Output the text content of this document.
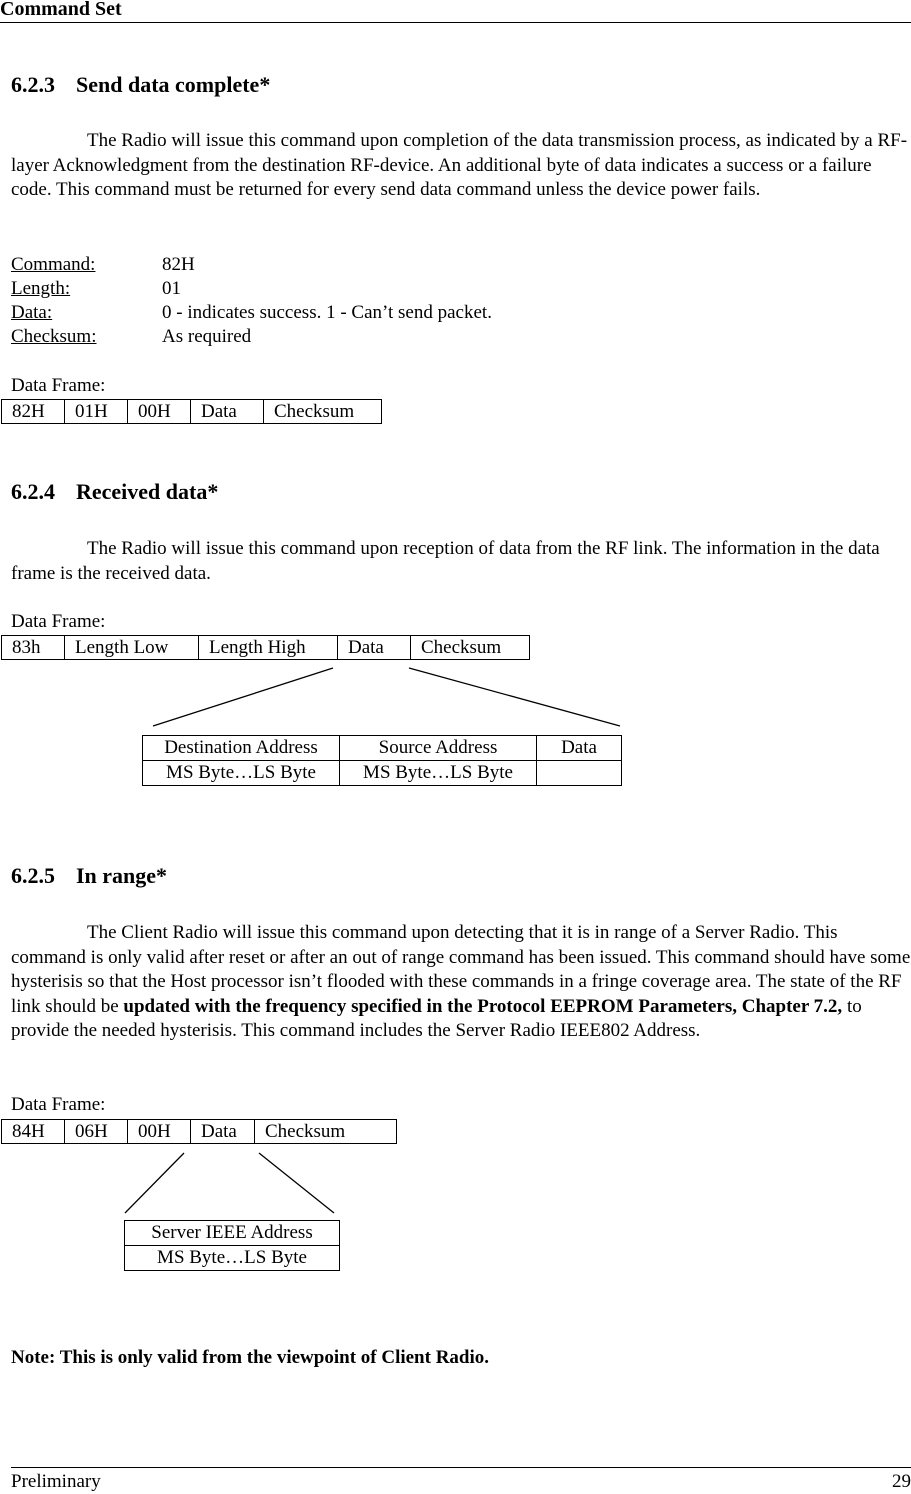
Command Set
6.2.3 Send data complete*
The Radio will issue this command upon completion of the data transmission process, as indicated by a RF-layer Acknowledgment from the destination RF-device. An additional byte of data indicates a success or a failure code. This command must be returned for every send data command unless the device power fails.
Command:	82H
Length:	01
Data:	0 - indicates success. 1 - Can’t send packet.
Checksum:	As required
Data Frame:
82H	01H	00H	Data	Checksum
6.2.4 Received data*
The Radio will issue this command upon reception of data from the RF link. The information in the data frame is the received data.
Data Frame:
83h	Length Low	Length High	Data	Checksum
Destination Address	Source Address	Data
MS Byte…LS Byte	MS Byte…LS Byte	
6.2.5 In range*
The Client Radio will issue this command upon detecting that it is in range of a Server Radio. This command is only valid after reset or after an out of range command has been issued. This command should have some hysterisis so that the Host processor isn’t flooded with these commands in a fringe coverage area. The state of the RF link should be updated with the frequency specified in the Protocol EEPROM Parameters, Chapter 7.2, to provide the needed hysterisis. This command includes the Server Radio IEEE802 Address.
Data Frame:
84H	06H	00H	Data	Checksum
Server IEEE Address
MS Byte…LS Byte
Note: This is only valid from the viewpoint of Client Radio.
Preliminary	29
